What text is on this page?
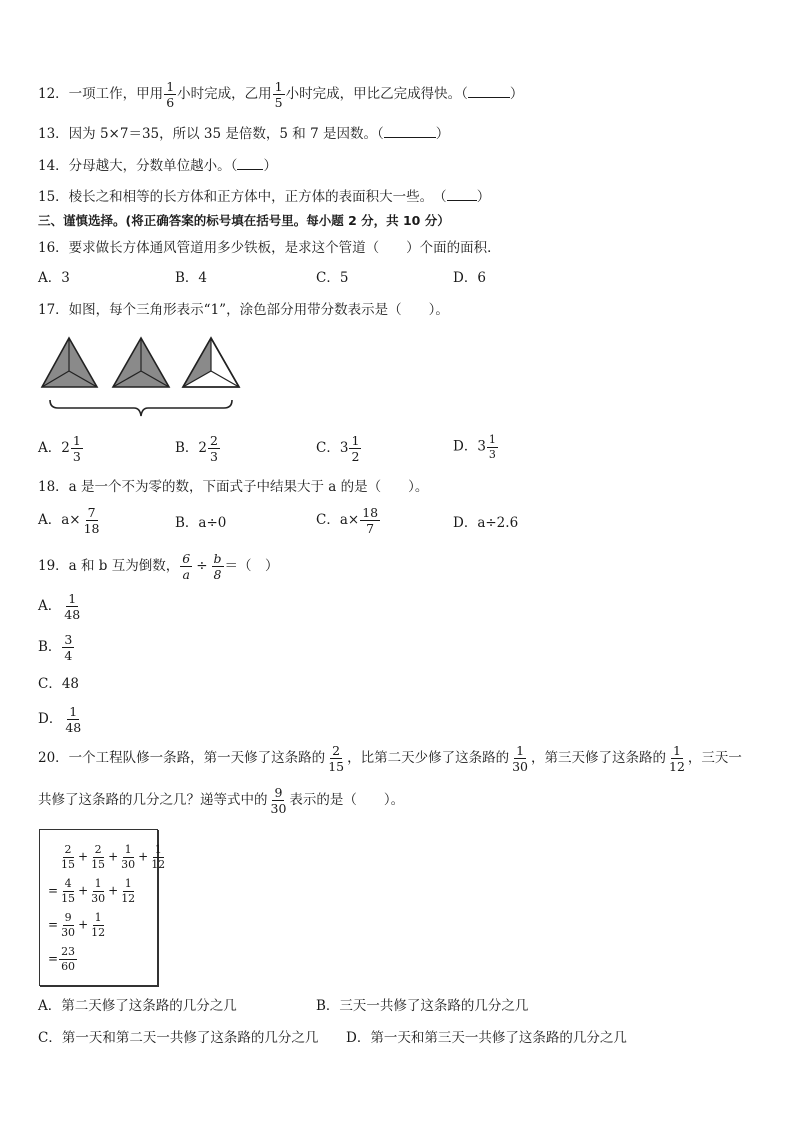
12．一项工作，甲用 $\frac{1}{6}$ 小时完成，乙用 $\frac{1}{5}$ 小时完成，甲比乙完成得快。（	）
13．因为 5×7＝35，所以 35 是倍数，5 和 7 是因数。（	）
14．分母越大，分数单位越小。（ ）
15．棱长之和相等的长方体和正方体中，正方体的表面积大一些。　（ ）
三、谨慎选择。(将正确答案的标号填在括号里。每小题 2 分，共 10 分）
16．要求做长方体通风管道用多少铁板，是求这个管道（　　）个面的面积．
A．3	B．4	C．5	D．6
17．如图，每个三角形表示“1”，涂色部分用带分数表示是（　　）。
A．$2 \frac{1}{3}$	B．$2 \frac{2}{3}$	C．$3 \frac{1}{2}$	D．$3 \frac{1}{3}$
18．a 是一个不为零的数，下面式子中结果大于 a 的是（　　）。
A．$a\times \frac{7}{18}$	B．a÷0	C．$a\times \frac{18}{7}$	D．a÷2.6
19．a 和 b 互为倒数， $\frac{6}{a} \div \frac{b}{8}$ ＝（　）
A． $\frac{1}{48}$
B． $\frac{3}{4}$
C．48
D． $\frac{1}{48}$
20．一个工程队修一条路，第一天修了这条路的 $\frac{2}{15}$ ，比第二天少修了这条路的 $\frac{1}{30}$ ，第三天修了这条路的 $\frac{1}{12}$ ，三天一
共修了这条路的几分之几？递等式中的 $\frac{9}{30}$ 表示的是（　　）。
$\frac{2}{15} + \frac{2}{15} + \frac{1}{30} + \frac{1}{12}$
= $\frac{4}{15} + \frac{1}{30} + \frac{1}{12}$
= $\frac{9}{30} + \frac{1}{12}$
= $\frac{23}{60}$
A．第二天修了这条路的几分之几	B．三天一共修了这条路的几分之几
C．第一天和第二天一共修了这条路的几分之几 D．第一天和第三天一共修了这条路的几分之几
